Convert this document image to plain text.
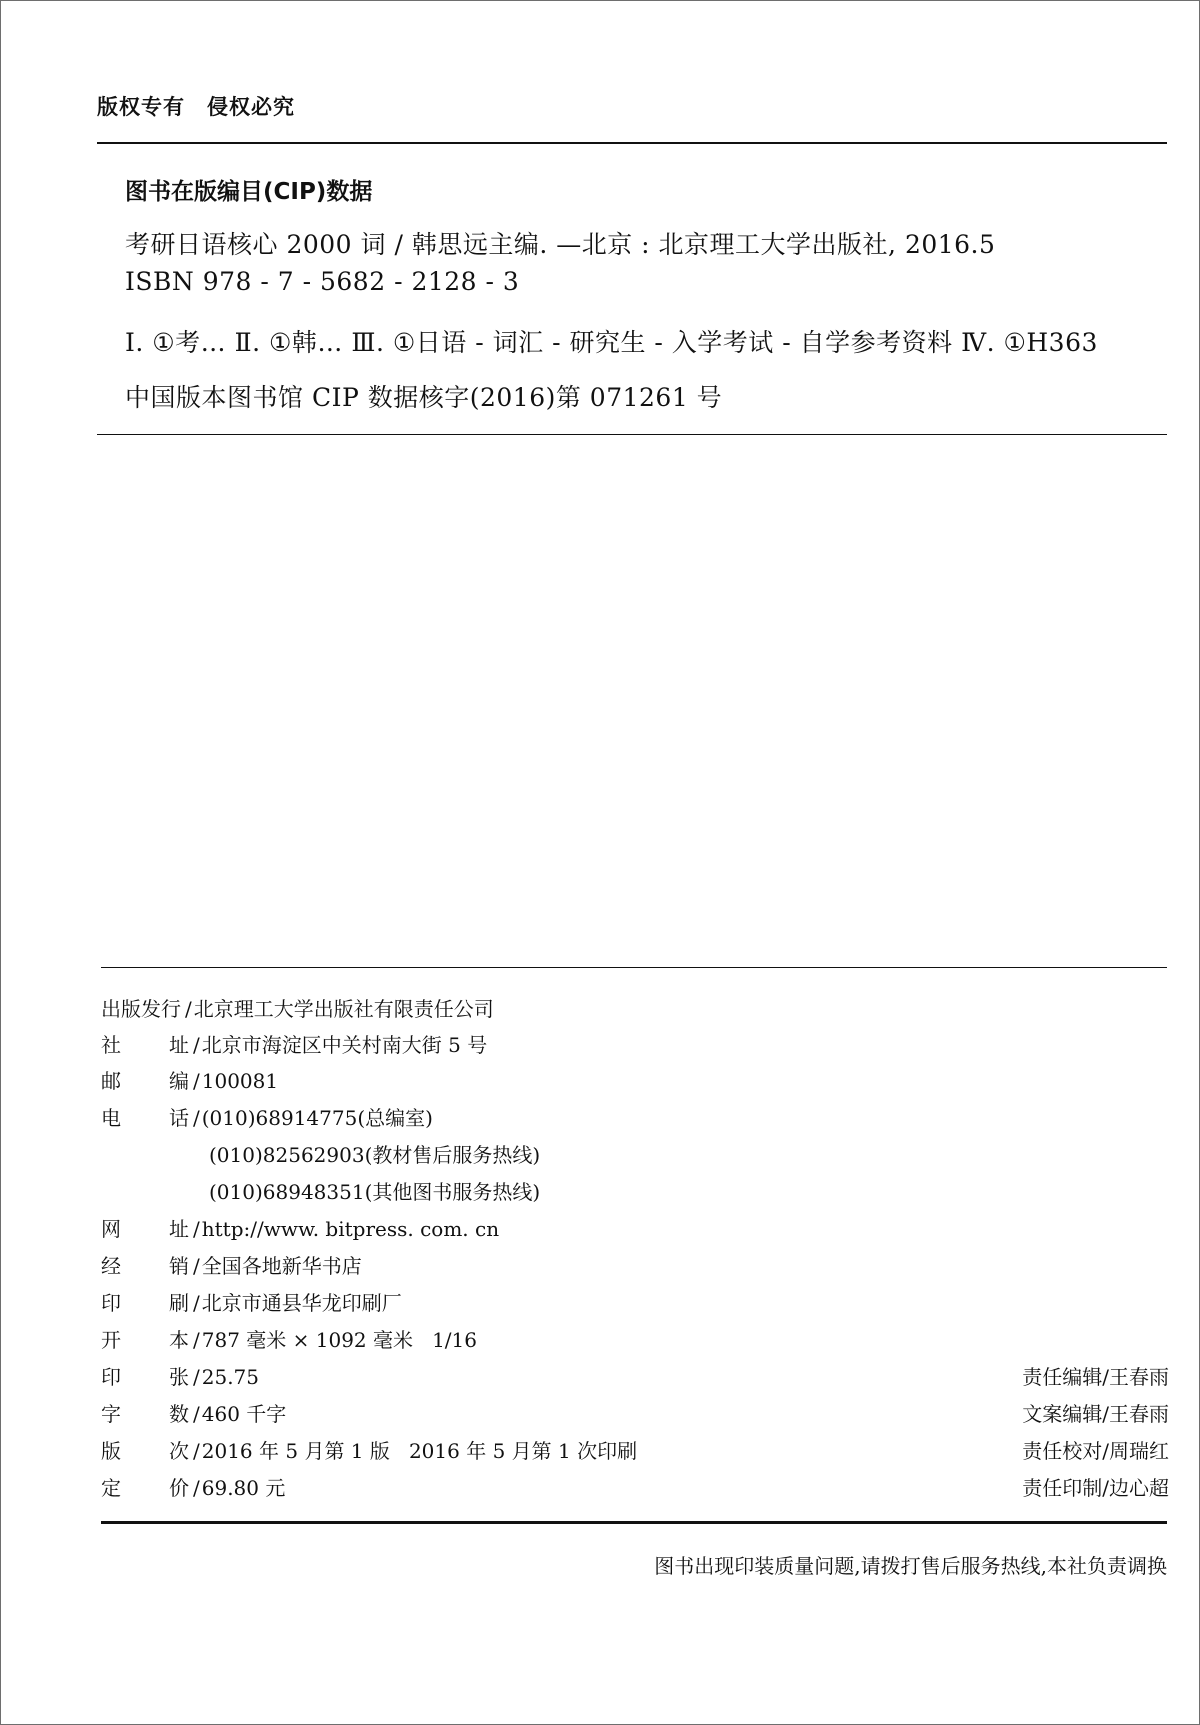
版权专有 侵权必究
图书在版编目(CIP)数据
考研日语核心 2000 词 / 韩思远主编. —北京 : 北京理工大学出版社, 2016.5
ISBN 978 - 7 - 5682 - 2128 - 3
Ⅰ. ①考… Ⅱ. ①韩… Ⅲ. ①日语 - 词汇 - 研究生 - 入学考试 - 自学参考资料 Ⅳ. ①H363
中国版本图书馆 CIP 数据核字(2016)第 071261 号
出版发行 / 北京理工大学出版社有限责任公司
社 址 / 北京市海淀区中关村南大街 5 号
邮 编 / 100081
电 话 / (010)68914775(总编室)
(010)82562903(教材售后服务热线)
(010)68948351(其他图书服务热线)
网 址 / http://www. bitpress. com. cn
经 销 / 全国各地新华书店
印 刷 / 北京市通县华龙印刷厂
开 本 / 787 毫米 × 1092 毫米   1/16
印 张 / 25.75
字 数 / 460 千字
版 次 / 2016 年 5 月第 1 版   2016 年 5 月第 1 次印刷
定 价 / 69.80 元
责任编辑/王春雨
文案编辑/王春雨
责任校对/周瑞红
责任印制/边心超
图书出现印装质量问题,请拨打售后服务热线,本社负责调换
